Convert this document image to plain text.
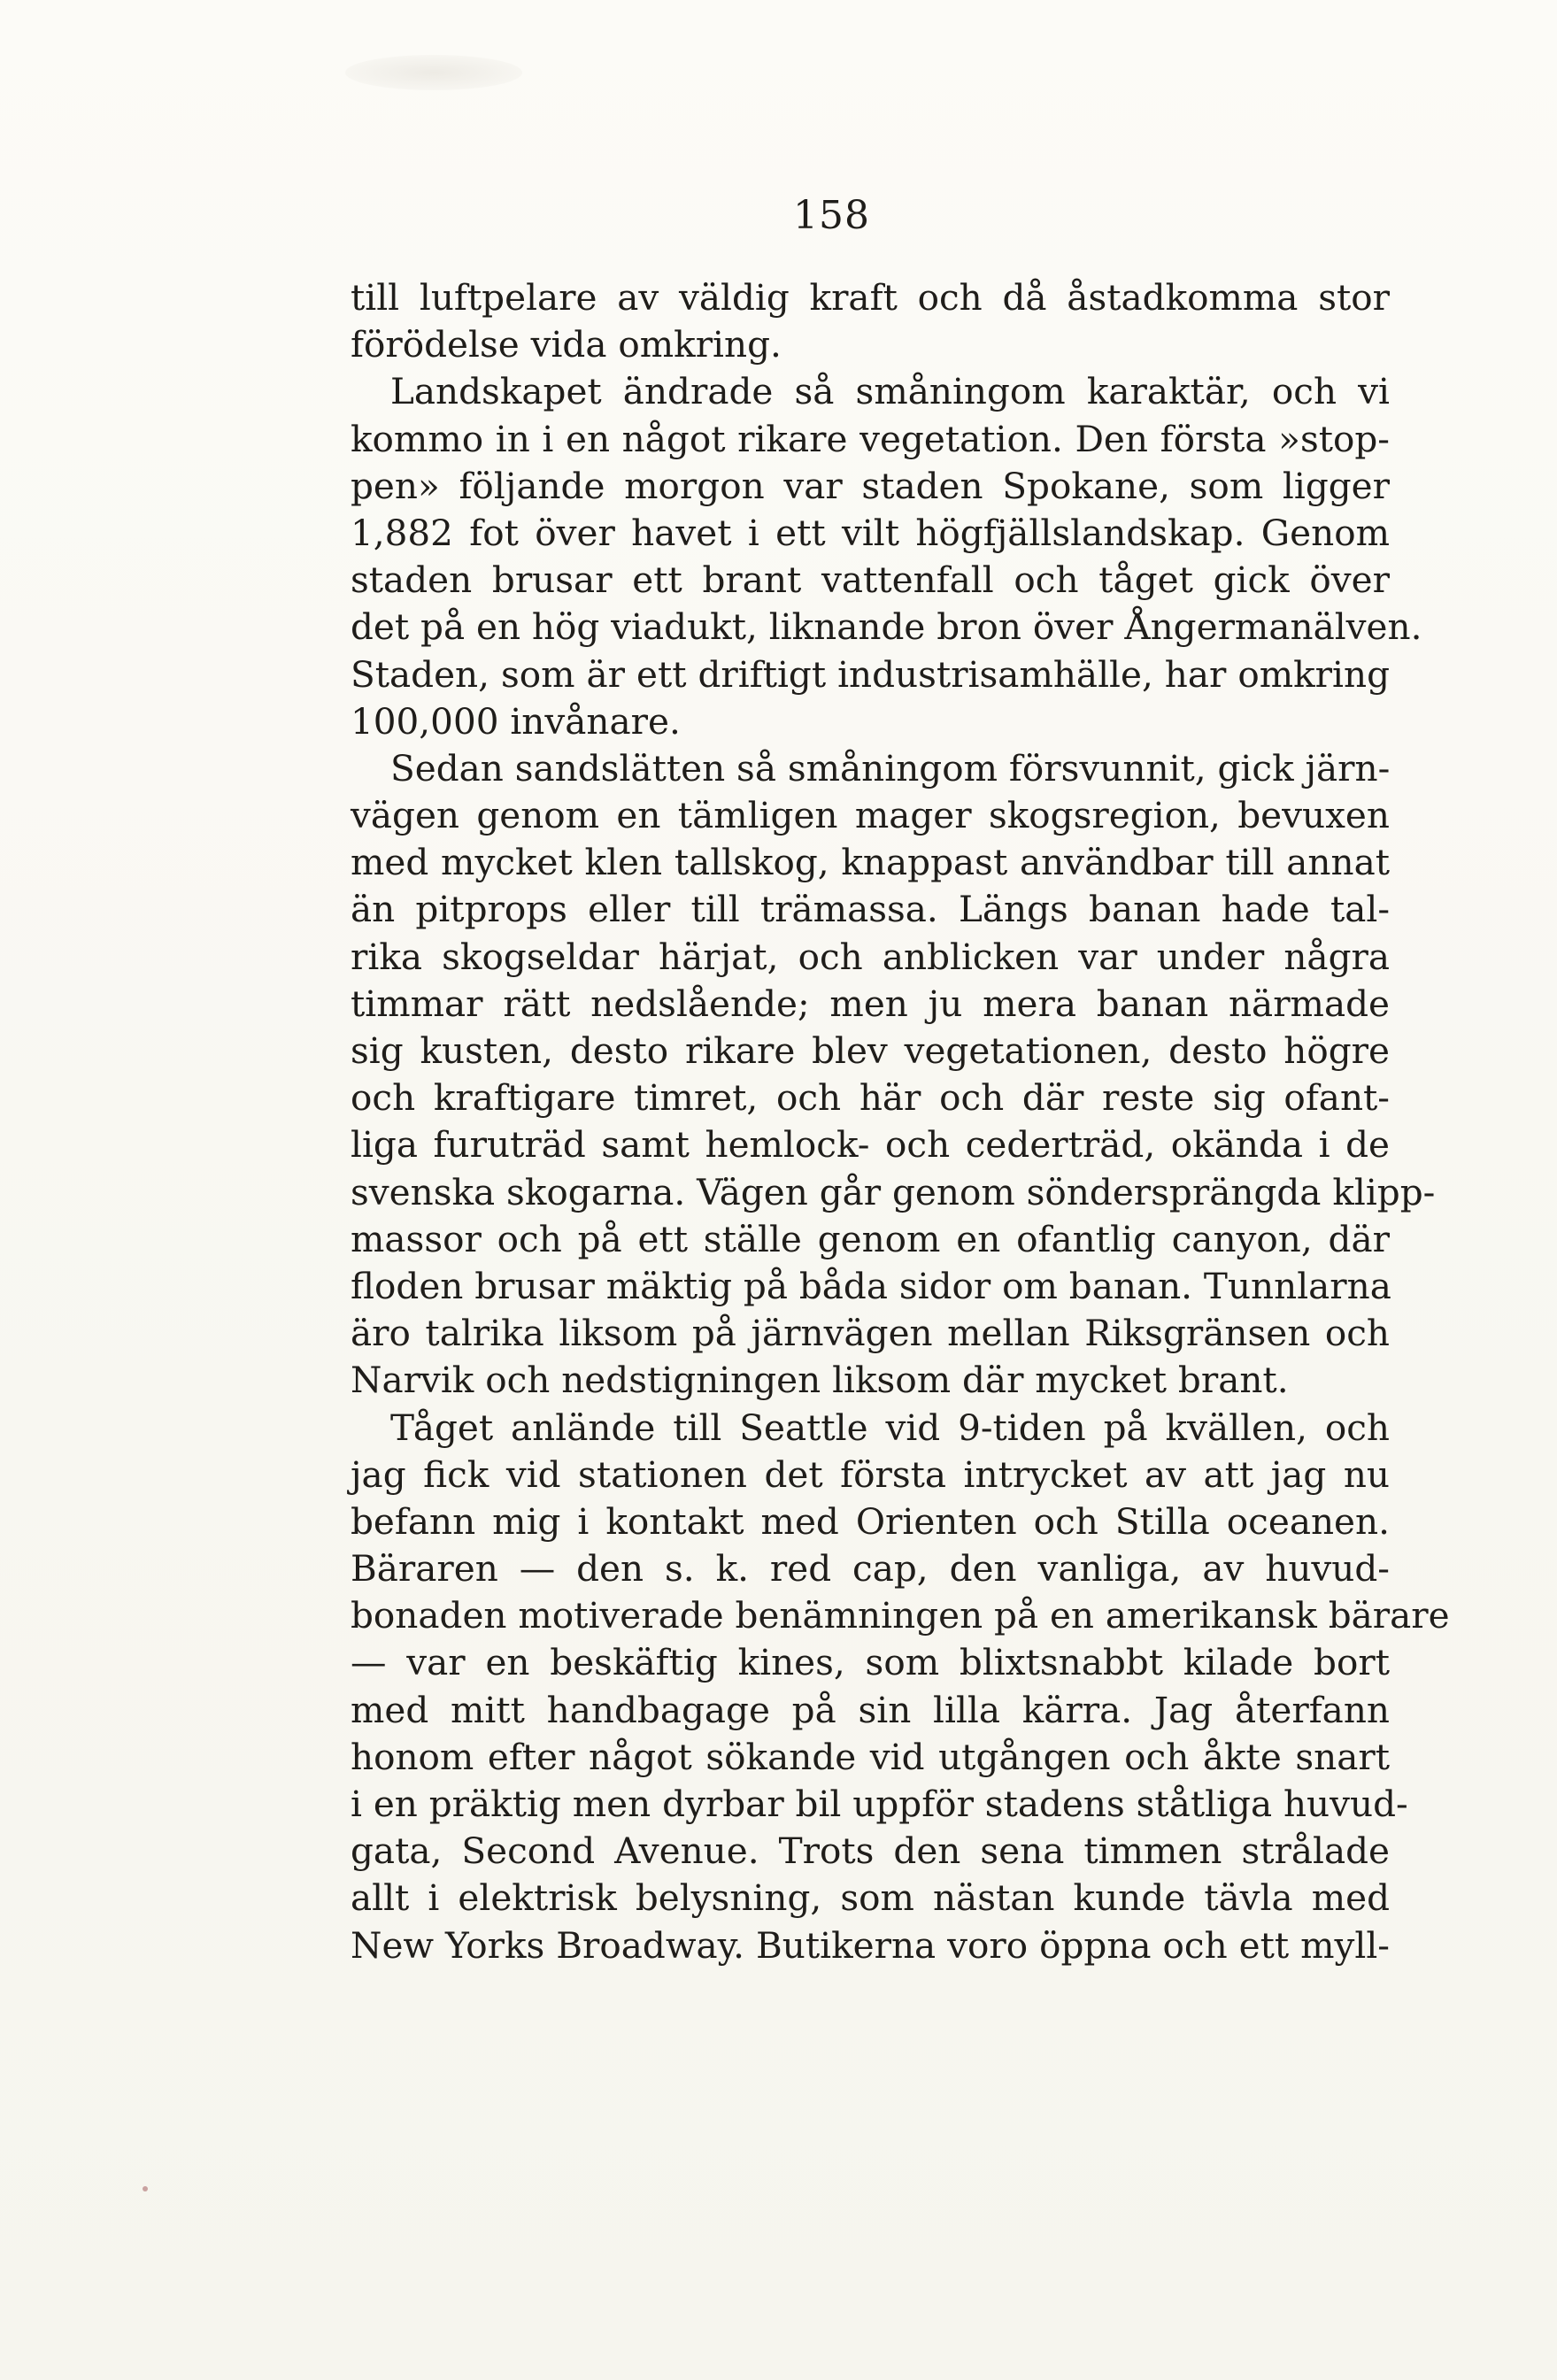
158
till luftpelare av väldig kraft och då åstadkomma stor
förödelse vida omkring.
Landskapet ändrade så småningom karaktär, och vi
kommo in i en något rikare vegetation. Den första »stop-
pen» följande morgon var staden Spokane, som ligger
1,882 fot över havet i ett vilt högfjällslandskap. Genom
staden brusar ett brant vattenfall och tåget gick över
det på en hög viadukt, liknande bron över Ångermanälven.
Staden, som är ett driftigt industrisamhälle, har omkring
100,000 invånare.
Sedan sandslätten så småningom försvunnit, gick järn-
vägen genom en tämligen mager skogsregion, bevuxen
med mycket klen tallskog, knappast användbar till annat
än pitprops eller till trämassa. Längs banan hade tal-
rika skogseldar härjat, och anblicken var under några
timmar rätt nedslående; men ju mera banan närmade
sig kusten, desto rikare blev vegetationen, desto högre
och kraftigare timret, och här och där reste sig ofant-
liga furuträd samt hemlock- och cederträd, okända i de
svenska skogarna. Vägen går genom söndersprängda klipp-
massor och på ett ställe genom en ofantlig canyon, där
floden brusar mäktig på båda sidor om banan. Tunnlarna
äro talrika liksom på järnvägen mellan Riksgränsen och
Narvik och nedstigningen liksom där mycket brant.
Tåget anlände till Seattle vid 9-tiden på kvällen, och
jag fick vid stationen det första intrycket av att jag nu
befann mig i kontakt med Orienten och Stilla oceanen.
Bäraren — den s. k. red cap, den vanliga, av huvud-
bonaden motiverade benämningen på en amerikansk bärare
— var en beskäftig kines, som blixtsnabbt kilade bort
med mitt handbagage på sin lilla kärra. Jag återfann
honom efter något sökande vid utgången och åkte snart
i en präktig men dyrbar bil uppför stadens ståtliga huvud-
gata, Second Avenue. Trots den sena timmen strålade
allt i elektrisk belysning, som nästan kunde tävla med
New Yorks Broadway. Butikerna voro öppna och ett myll-
